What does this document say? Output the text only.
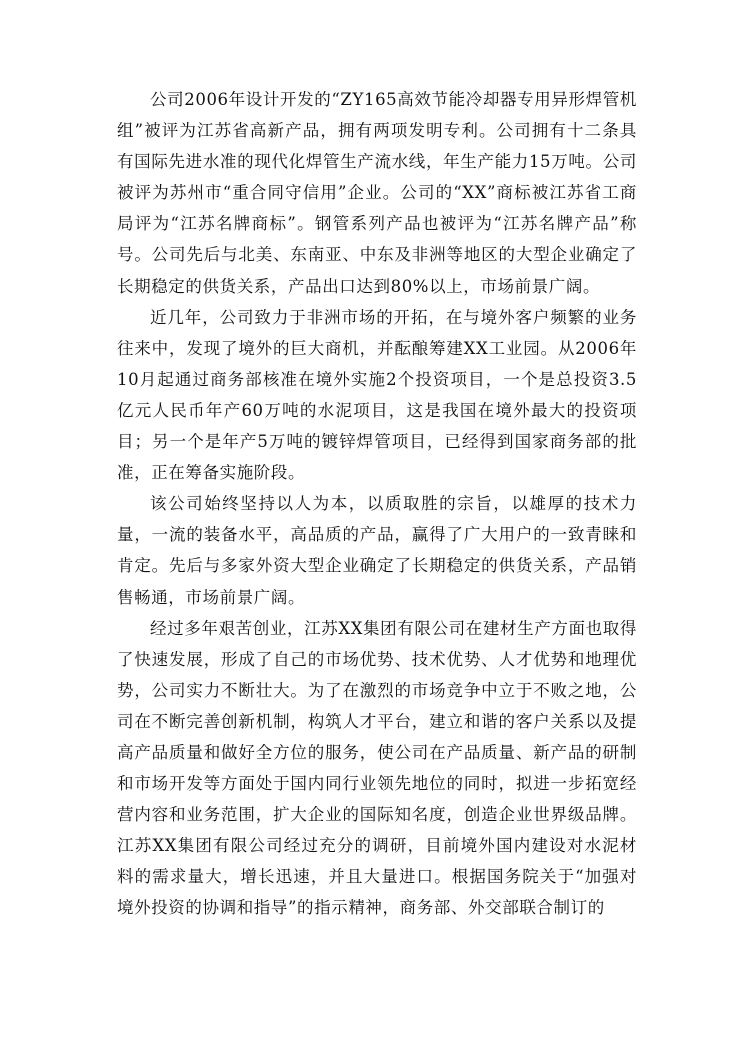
公司2006年设计开发的“ZY165高效节能冷却器专用异形焊管机组”被评为江苏省高新产品，拥有两项发明专利。公司拥有十二条具有国际先进水准的现代化焊管生产流水线，年生产能力15万吨。公司被评为苏州市“重合同守信用”企业。公司的“XX”商标被江苏省工商局评为“江苏名牌商标”。钢管系列产品也被评为“江苏名牌产品”称号。公司先后与北美、东南亚、中东及非洲等地区的大型企业确定了长期稳定的供货关系，产品出口达到80%以上，市场前景广阔。

近几年，公司致力于非洲市场的开拓，在与境外客户频繁的业务往来中，发现了境外的巨大商机，并酝酿筹建XX工业园。从2006年10月起通过商务部核准在境外实施2个投资项目，一个是总投资3.5亿元人民币年产60万吨的水泥项目，这是我国在境外最大的投资项目；另一个是年产5万吨的镀锌焊管项目，已经得到国家商务部的批准，正在筹备实施阶段。

该公司始终坚持以人为本，以质取胜的宗旨，以雄厚的技术力量，一流的装备水平，高品质的产品，赢得了广大用户的一致青睐和肯定。先后与多家外资大型企业确定了长期稳定的供货关系，产品销售畅通，市场前景广阔。

经过多年艰苦创业，江苏XX集团有限公司在建材生产方面也取得了快速发展，形成了自己的市场优势、技术优势、人才优势和地理优势，公司实力不断壮大。为了在激烈的市场竞争中立于不败之地，公司在不断完善创新机制，构筑人才平台，建立和谐的客户关系以及提高产品质量和做好全方位的服务，使公司在产品质量、新产品的研制和市场开发等方面处于国内同行业领先地位的同时，拟进一步拓宽经营内容和业务范围，扩大企业的国际知名度，创造企业世界级品牌。江苏XX集团有限公司经过充分的调研，目前境外国内建设对水泥材料的需求量大，增长迅速，并且大量进口。根据国务院关于“加强对境外投资的协调和指导”的指示精神，商务部、外交部联合制订的
